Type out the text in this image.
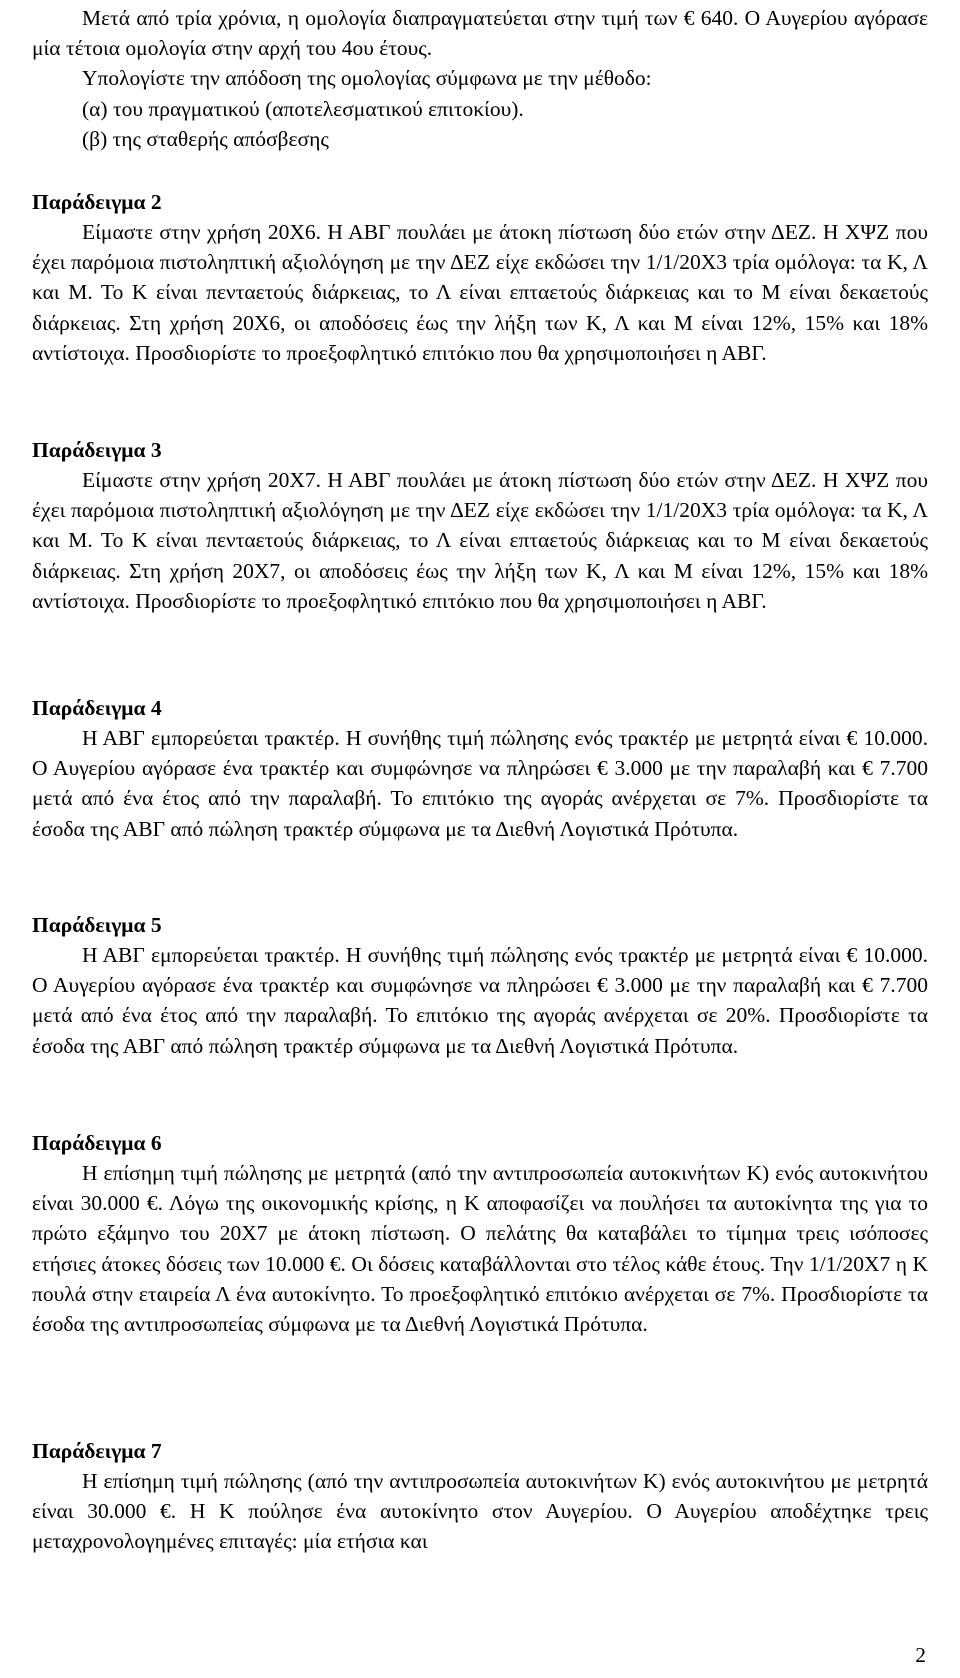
Μετά από τρία χρόνια, η ομολογία διαπραγματεύεται στην τιμή των € 640. Ο Αυγερίου αγόρασε μία τέτοια ομολογία στην αρχή του 4ου έτους.

Υπολογίστε την απόδοση της ομολογίας σύμφωνα με την μέθοδο:

(α) του πραγματικού (αποτελεσματικού επιτοκίου).

(β) της σταθερής απόσβεσης

Παράδειγμα 2

Είμαστε στην χρήση 20Χ6. Η ΑΒΓ πουλάει με άτοκη πίστωση δύο ετών στην ΔΕΖ. Η ΧΨΖ που έχει παρόμοια πιστοληπτική αξιολόγηση με την ΔΕΖ είχε εκδώσει την 1/1/20Χ3 τρία ομόλογα: τα Κ, Λ και Μ. Το Κ είναι πενταετούς διάρκειας, το Λ είναι επταετούς διάρκειας και το Μ είναι δεκαετούς διάρκειας. Στη χρήση 20Χ6, οι αποδόσεις έως την λήξη των Κ, Λ και Μ είναι 12%, 15% και 18% αντίστοιχα. Προσδιορίστε το προεξοφλητικό επιτόκιο που θα χρησιμοποιήσει η ΑΒΓ.

Παράδειγμα 3

Είμαστε στην χρήση 20Χ7. Η ΑΒΓ πουλάει με άτοκη πίστωση δύο ετών στην ΔΕΖ. Η ΧΨΖ που έχει παρόμοια πιστοληπτική αξιολόγηση με την ΔΕΖ είχε εκδώσει την 1/1/20Χ3 τρία ομόλογα: τα Κ, Λ και Μ. Το Κ είναι πενταετούς διάρκειας, το Λ είναι επταετούς διάρκειας και το Μ είναι δεκαετούς διάρκειας. Στη χρήση 20Χ7, οι αποδόσεις έως την λήξη των Κ, Λ και Μ είναι 12%, 15% και 18% αντίστοιχα. Προσδιορίστε το προεξοφλητικό επιτόκιο που θα χρησιμοποιήσει η ΑΒΓ.

Παράδειγμα 4

Η ΑΒΓ εμπορεύεται τρακτέρ. Η συνήθης τιμή πώλησης ενός τρακτέρ με μετρητά είναι € 10.000. Ο Αυγερίου αγόρασε ένα τρακτέρ και συμφώνησε να πληρώσει € 3.000 με την παραλαβή και € 7.700 μετά από ένα έτος από την παραλαβή. Το επιτόκιο της αγοράς ανέρχεται σε 7%. Προσδιορίστε τα έσοδα της ΑΒΓ από πώληση τρακτέρ σύμφωνα με τα Διεθνή Λογιστικά Πρότυπα.

Παράδειγμα 5

Η ΑΒΓ εμπορεύεται τρακτέρ. Η συνήθης τιμή πώλησης ενός τρακτέρ με μετρητά είναι € 10.000. Ο Αυγερίου αγόρασε ένα τρακτέρ και συμφώνησε να πληρώσει € 3.000 με την παραλαβή και € 7.700 μετά από ένα έτος από την παραλαβή. Το επιτόκιο της αγοράς ανέρχεται σε 20%. Προσδιορίστε τα έσοδα της ΑΒΓ από πώληση τρακτέρ σύμφωνα με τα Διεθνή Λογιστικά Πρότυπα.

Παράδειγμα 6

Η επίσημη τιμή πώλησης με μετρητά (από την αντιπροσωπεία αυτοκινήτων Κ) ενός αυτοκινήτου είναι 30.000 €. Λόγω της οικονομικής κρίσης, η Κ αποφασίζει να πουλήσει τα αυτοκίνητα της για το πρώτο εξάμηνο του 20Χ7 με άτοκη πίστωση. Ο πελάτης θα καταβάλει το τίμημα τρεις ισόποσες ετήσιες άτοκες δόσεις των 10.000 €. Οι δόσεις καταβάλλονται στο τέλος κάθε έτους. Την 1/1/20Χ7 η Κ πουλά στην εταιρεία Λ ένα αυτοκίνητο. Το προεξοφλητικό επιτόκιο ανέρχεται σε 7%. Προσδιορίστε τα έσοδα της αντιπροσωπείας σύμφωνα με τα Διεθνή Λογιστικά Πρότυπα.

Παράδειγμα 7

Η επίσημη τιμή πώλησης (από την αντιπροσωπεία αυτοκινήτων Κ) ενός αυτοκινήτου με μετρητά είναι 30.000 €. Η Κ πούλησε ένα αυτοκίνητο στον Αυγερίου. Ο Αυγερίου αποδέχτηκε τρεις μεταχρονολογημένες επιταγές: μία ετήσια και

2
